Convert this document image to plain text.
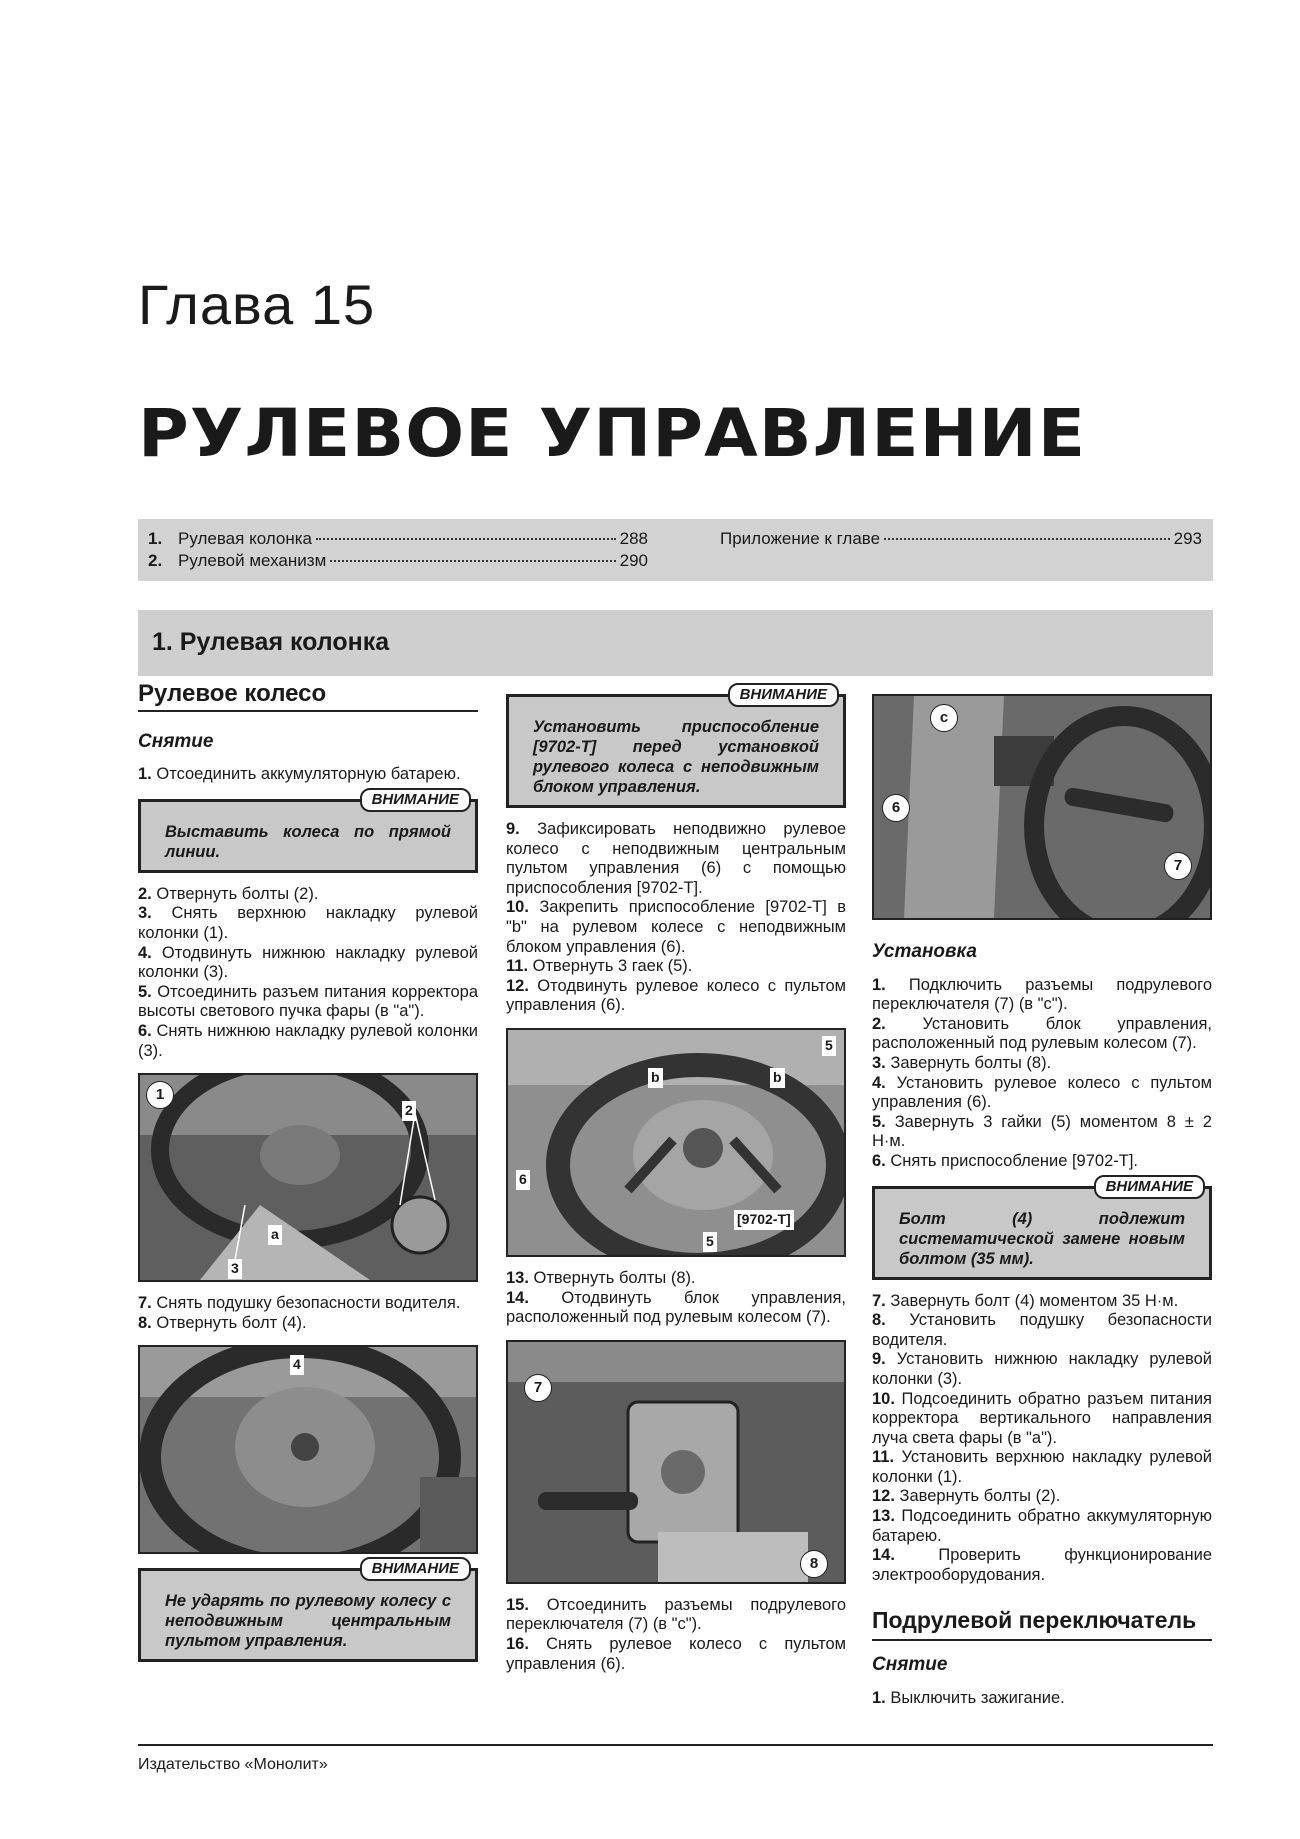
Глава 15
РУЛЕВОЕ УПРАВЛЕНИЕ
1. Рулевая колонка	288
2. Рулевой механизм	290
Приложение к главе	293
1. Рулевая колонка
Рулевое колесо
Снятие

1. Отсоединить аккумуляторную батарею.

ВНИМАНИЕ
Выставить колеса по прямой линии.

2. Отвернуть болты (2).

3. Снять верхнюю накладку рулевой колонки (1).

4. Отодвинуть нижнюю накладку рулевой колонки (3).

5. Отсоединить разъем питания корректора высоты светового пучка фары (в "а").

6. Снять нижнюю накладку рулевой колонки (3).

1
2
3
a

7. Снять подушку безопасности водителя.

8. Отвернуть болт (4).

4
ВНИМАНИЕ
Не ударять по рулевому колесу с неподвижным центральным пультом управления.
ВНИМАНИЕ
Установить приспособление [9702-T] перед установкой рулевого колеса с неподвижным блоком управления.

9. Зафиксировать неподвижно рулевое колесо с неподвижным центральным пультом управления (6) с помощью приспособления [9702-T].

10. Закрепить приспособление [9702-T] в "b" на рулевом колесе с неподвижным блоком управления (6).

11. Отвернуть 3 гаек (5).

12. Отодвинуть рулевое колесо с пультом управления (6).

5
b	b
6
5
[9702-T]

13. Отвернуть болты (8).

14. Отодвинуть блок управления, расположенный под рулевым колесом (7).

7
8

15. Отсоединить разъемы подрулевого переключателя (7) (в "с").

16. Снять рулевое колесо с пультом управления (6).

c
6
7
Установка

1. Подключить разъемы подрулевого переключателя (7) (в "с").

2. Установить блок управления, расположенный под рулевым колесом (7).

3. Завернуть болты (8).

4. Установить рулевое колесо с пультом управления (6).

5. Завернуть 3 гайки (5) моментом 8 ± 2 Н·м.

6. Снять приспособление [9702-T].

ВНИМАНИЕ
Болт (4) подлежит систематической замене новым болтом (35 мм).

7. Завернуть болт (4) моментом 35 Н·м.

8. Установить подушку безопасности водителя.

9. Установить нижнюю накладку рулевой колонки (3).

10. Подсоединить обратно разъем питания корректора вертикального направления луча света фары (в "а").

11. Установить верхнюю накладку рулевой колонки (1).

12. Завернуть болты (2).

13. Подсоединить обратно аккумуляторную батарею.

14.	Проверить функционирование электрооборудования.

Подрулевой переключатель
Снятие

1. Выключить зажигание.

Издательство «Монолит»
